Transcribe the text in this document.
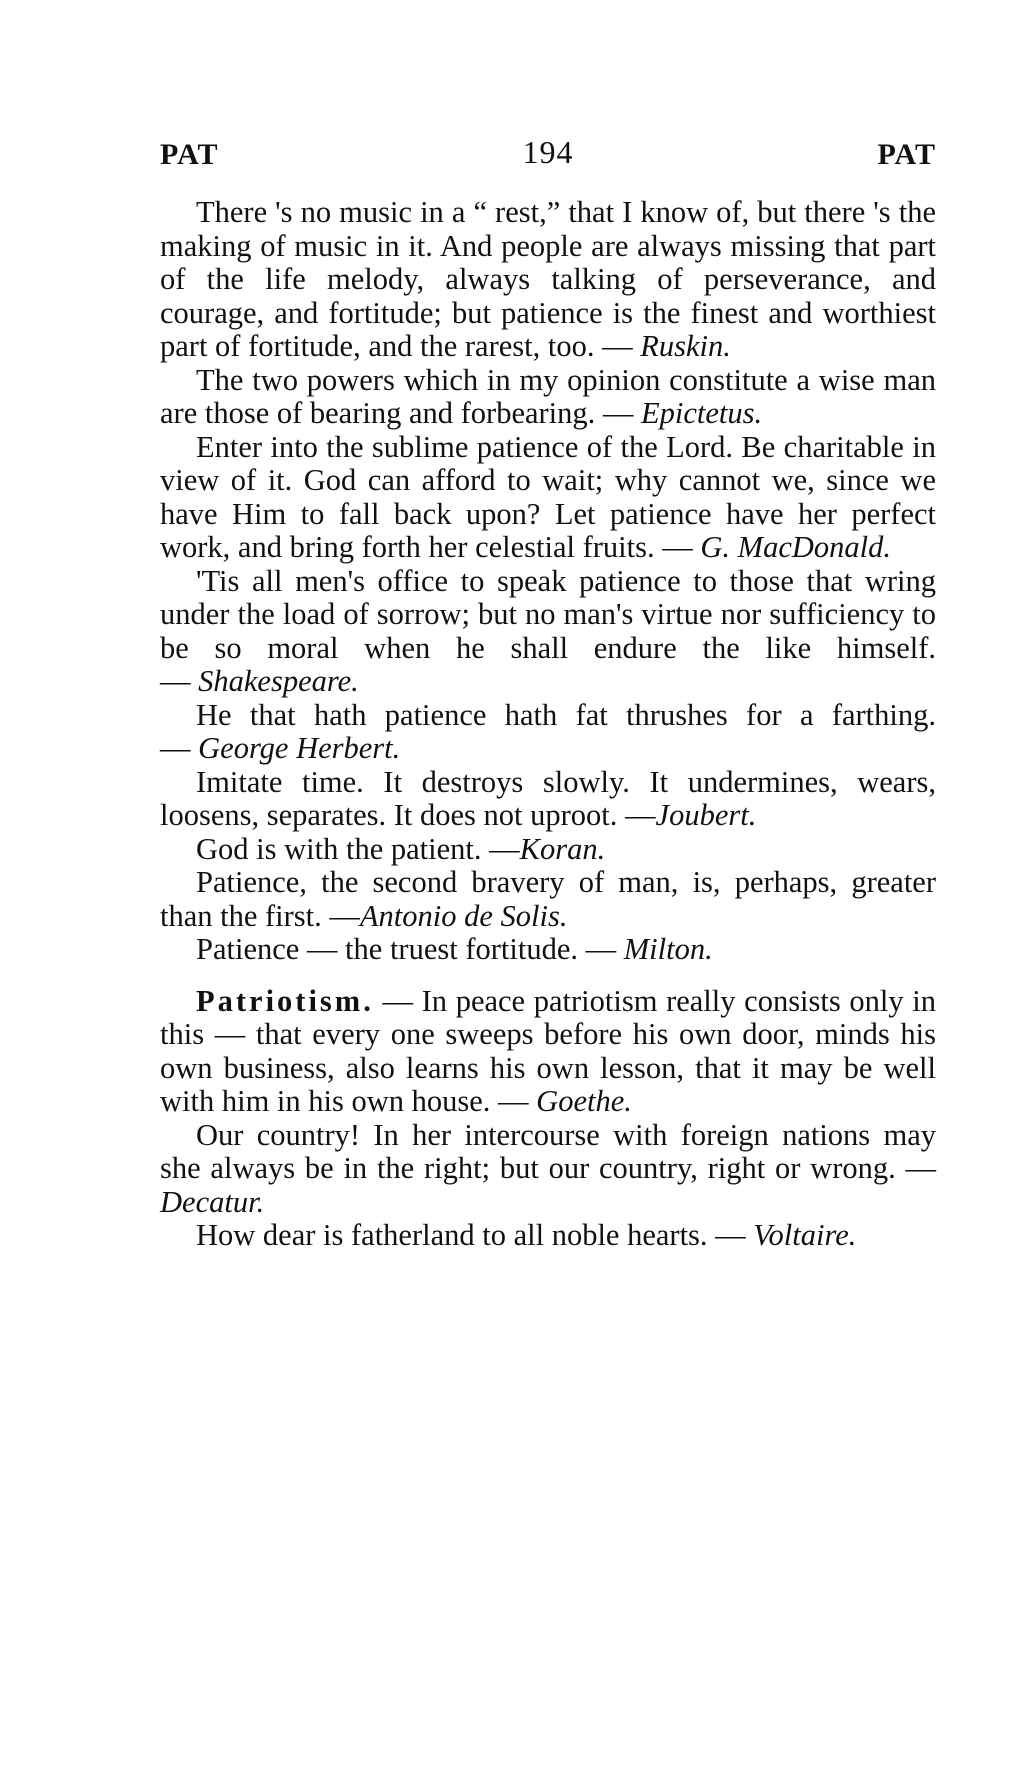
PAT	194	PAT

There 's no music in a “ rest,” that I know of, but there 's the making of music in it. And people are always missing that part of the life melody, always talking of perseverance, and courage, and fortitude; but patience is the finest and worthiest part of fortitude, and the rarest, too. — Ruskin.

The two powers which in my opinion constitute a wise man are those of bearing and forbearing. — Epictetus.

Enter into the sublime patience of the Lord. Be charitable in view of it. God can afford to wait; why cannot we, since we have Him to fall back upon? Let patience have her perfect work, and bring forth her celestial fruits. — G. MacDonald.

'Tis all men's office to speak patience to those that wring under the load of sorrow; but no man's virtue nor sufficiency to be so moral when he shall endure the like himself. — Shakespeare.

He that hath patience hath fat thrushes for a farthing. — George Herbert.

Imitate time. It destroys slowly. It undermines, wears, loosens, separates. It does not uproot. —Joubert.

God is with the patient. —Koran.

Patience, the second bravery of man, is, perhaps, greater than the first. —Antonio de Solis.

Patience — the truest fortitude. — Milton.

Patriotism. — In peace patriotism really consists only in this — that every one sweeps before his own door, minds his own business, also learns his own lesson, that it may be well with him in his own house. — Goethe.

Our country! In her intercourse with foreign nations may she always be in the right; but our country, right or wrong. —Decatur.

How dear is fatherland to all noble hearts. — Voltaire.
